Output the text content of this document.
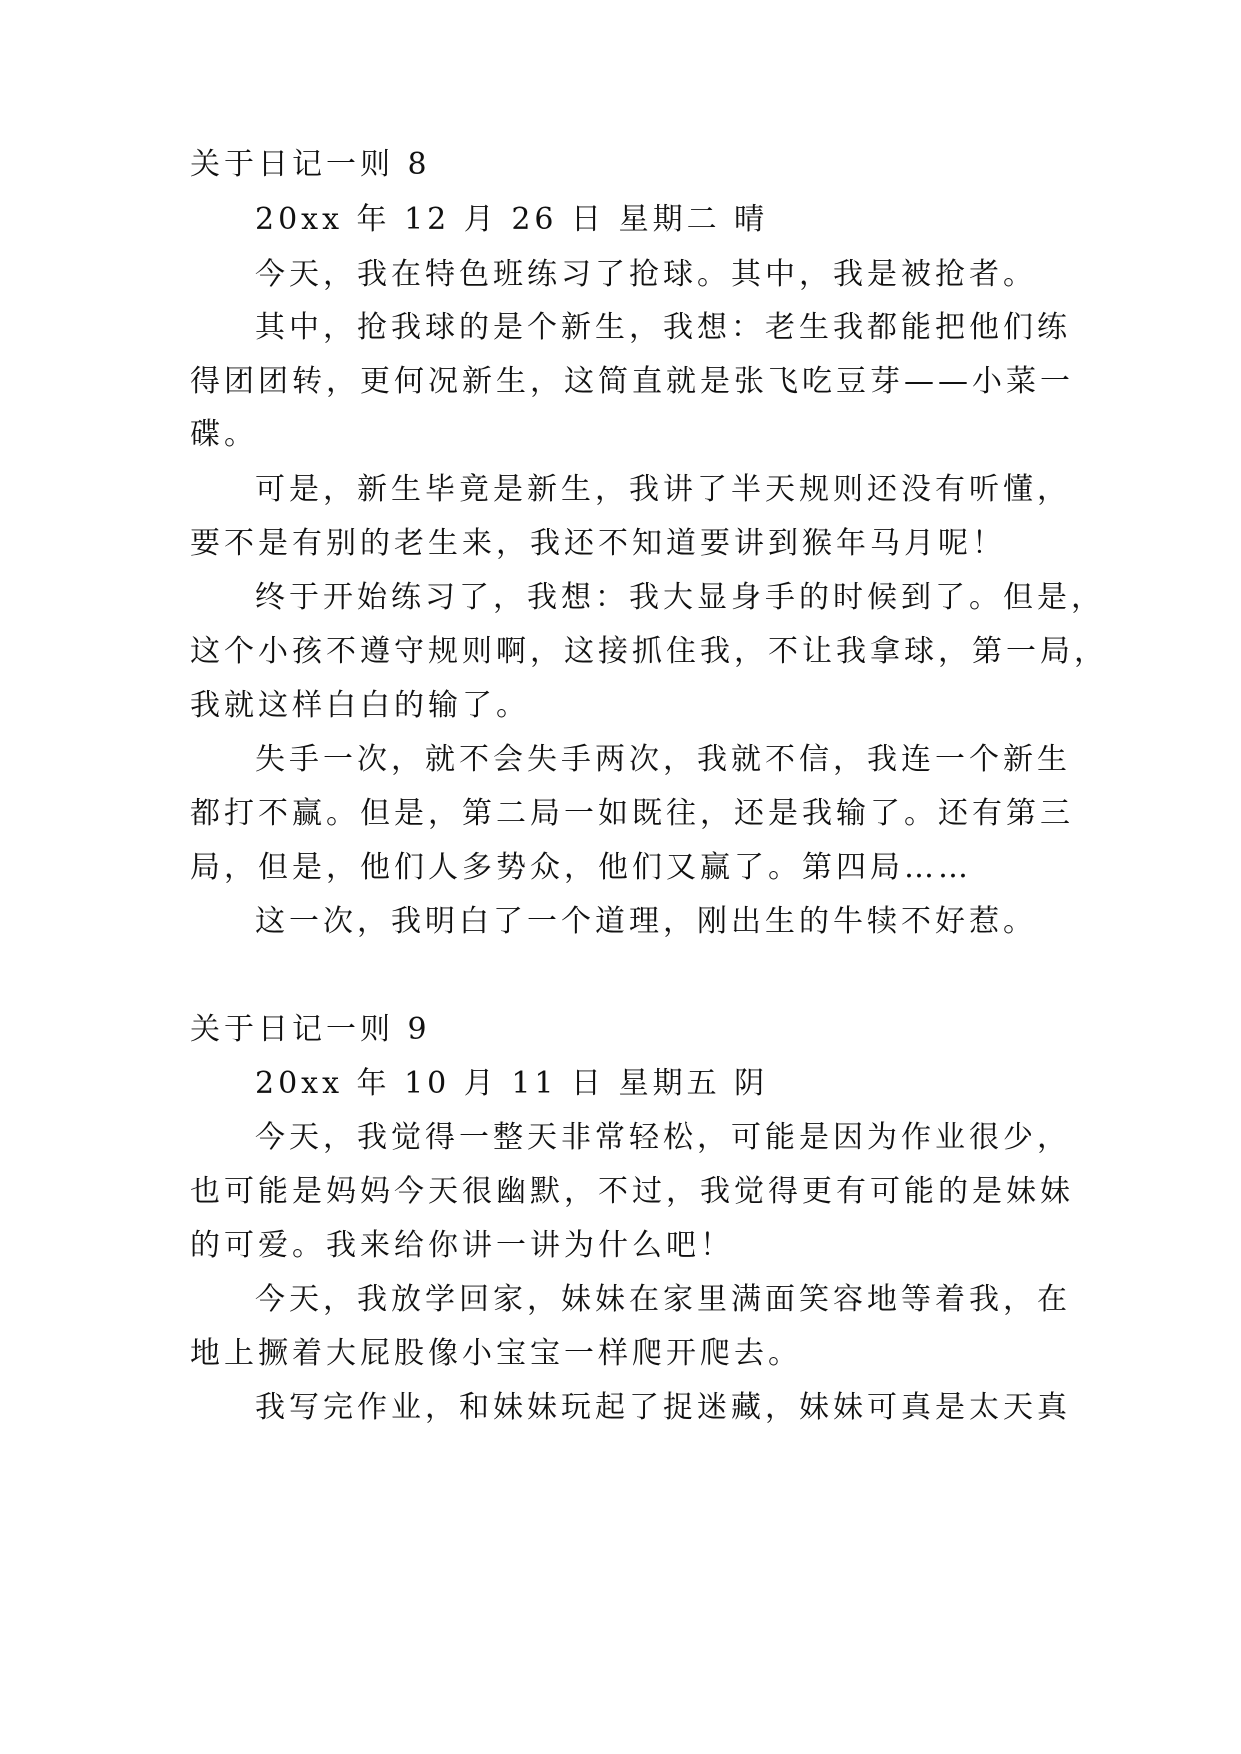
关于日记一则 8
20xx 年 12 月 26 日 星期二 晴
今天，我在特色班练习了抢球。其中，我是被抢者。
其中，抢我球的是个新生，我想：老生我都能把他们练
得团团转，更何况新生，这简直就是张飞吃豆芽——小菜一
碟。
可是，新生毕竟是新生，我讲了半天规则还没有听懂，
要不是有别的老生来，我还不知道要讲到猴年马月呢！
终于开始练习了，我想：我大显身手的时候到了。但是，
这个小孩不遵守规则啊，这接抓住我，不让我拿球，第一局，
我就这样白白的输了。
失手一次，就不会失手两次，我就不信，我连一个新生
都打不赢。但是，第二局一如既往，还是我输了。还有第三
局，但是，他们人多势众，他们又赢了。第四局……
这一次，我明白了一个道理，刚出生的牛犊不好惹。
关于日记一则 9
20xx 年 10 月 11 日 星期五 阴
今天，我觉得一整天非常轻松，可能是因为作业很少，
也可能是妈妈今天很幽默，不过，我觉得更有可能的是妹妹
的可爱。我来给你讲一讲为什么吧！
今天，我放学回家，妹妹在家里满面笑容地等着我，在
地上撅着大屁股像小宝宝一样爬开爬去。
我写完作业，和妹妹玩起了捉迷藏，妹妹可真是太天真
